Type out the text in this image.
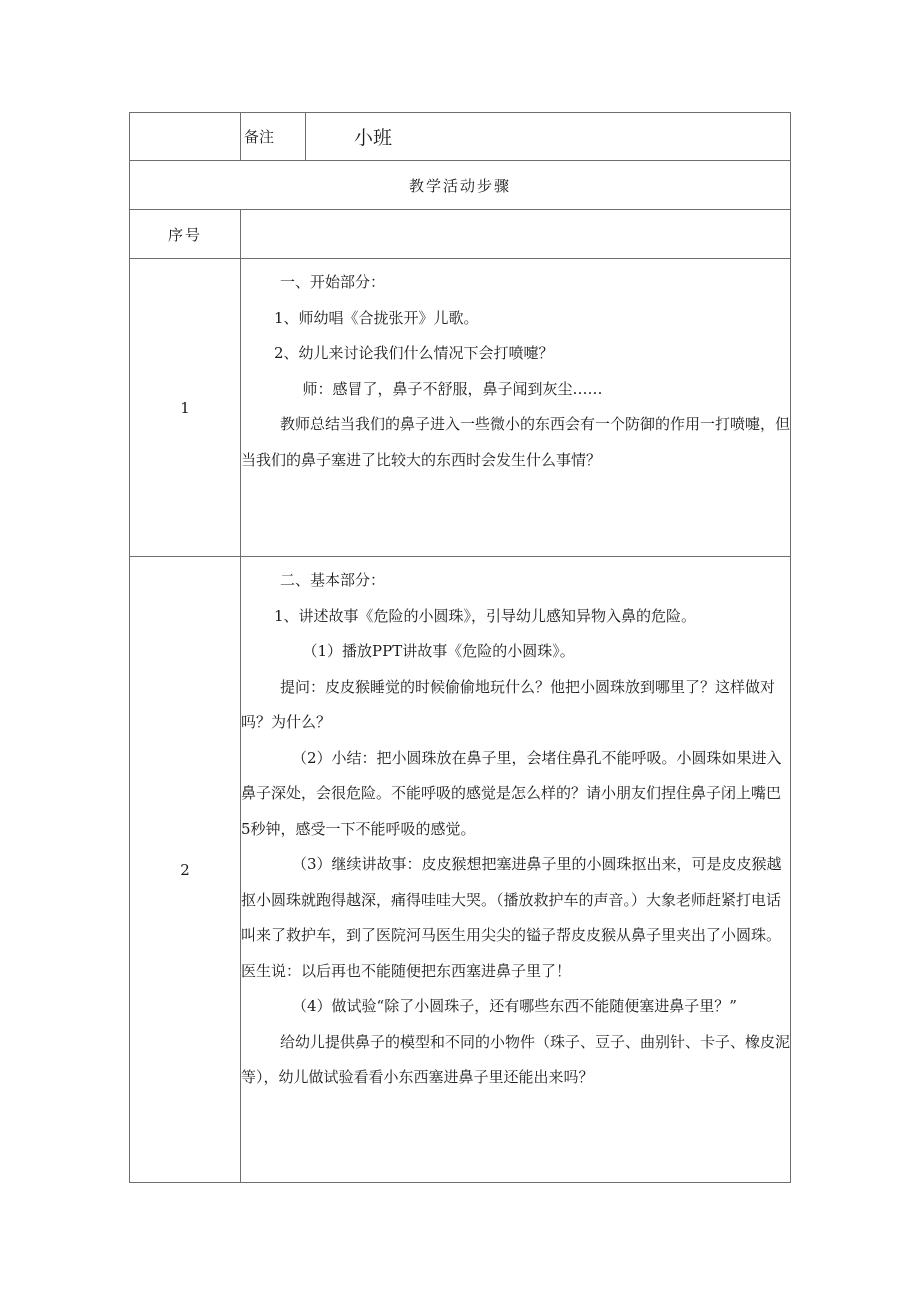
	备注	小班
教学活动步骤		
序号		
1	一、开始部分：

1、师幼唱《合拢张开》儿歌。

2、幼儿来讨论我们什么情况下会打喷嚏？

师：感冒了，鼻子不舒服，鼻子闻到灰尘……

教师总结当我们的鼻子进入一些微小的东西会有一个防御的作用一打喷嚏，但当我们的鼻子塞进了比较大的东西时会发生什么事情？	

2	

二、基本部分：

1、讲述故事《危险的小圆珠》，引导幼儿感知异物入鼻的危险。

（1）播放PPT讲故事《危险的小圆珠》。

提问：皮皮猴睡觉的时候偷偷地玩什么？他把小圆珠放到哪里了？这样做对吗？为什么？

（2）小结：把小圆珠放在鼻子里，会堵住鼻孔不能呼吸。小圆珠如果进入鼻子深处，会很危险。不能呼吸的感觉是怎么样的？请小朋友们捏住鼻子闭上嘴巴5秒钟，感受一下不能呼吸的感觉。

（3）继续讲故事：皮皮猴想把塞进鼻子里的小圆珠抠出来，可是皮皮猴越抠小圆珠就跑得越深，痛得哇哇大哭。（播放救护车的声音。）大象老师赶紧打电话叫来了救护车，到了医院河马医生用尖尖的镒子帮皮皮猴从鼻子里夹出了小圆珠。医生说：以后再也不能随便把东西塞进鼻子里了！

（4）做试验“除了小圆珠子，还有哪些东西不能随便塞进鼻子里？”

给幼儿提供鼻子的模型和不同的小物件（珠子、豆子、曲别针、卡子、橡皮泥等），幼儿做试验看看小东西塞进鼻子里还能出来吗？
